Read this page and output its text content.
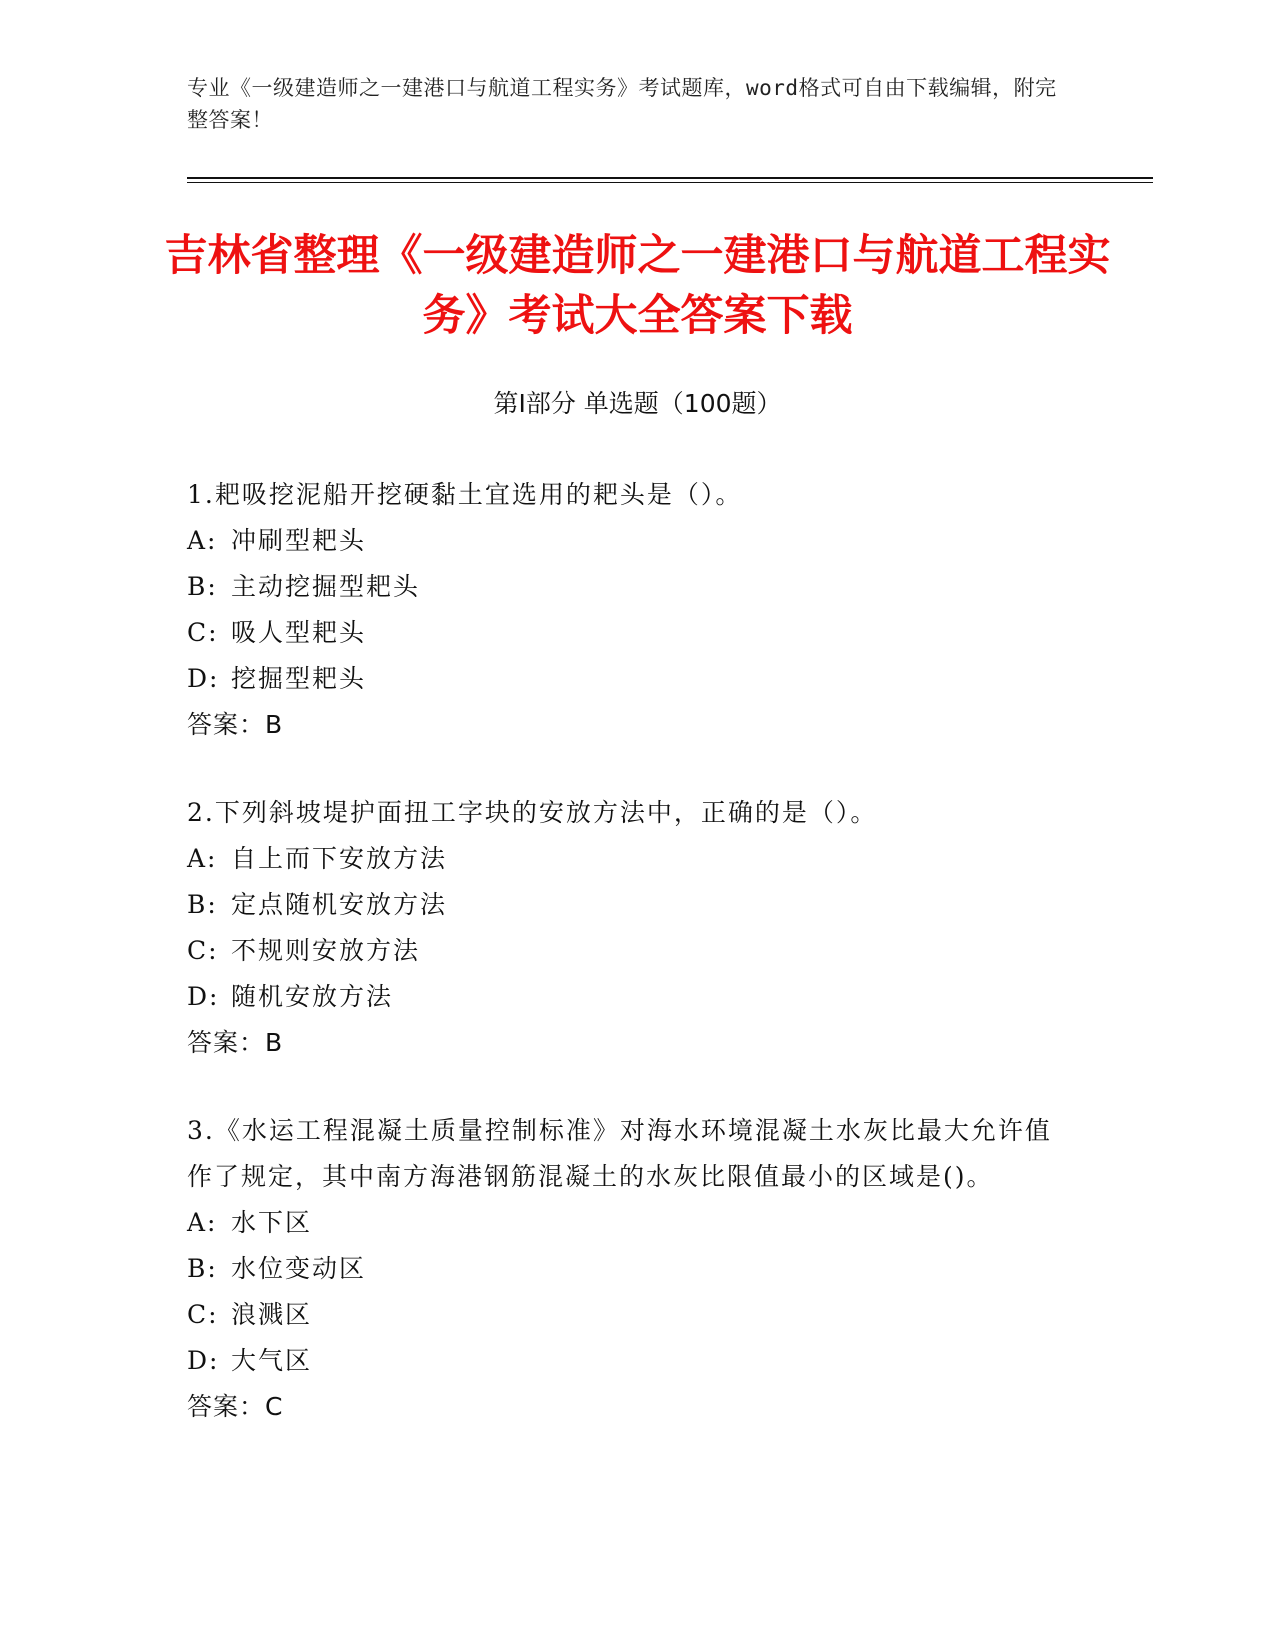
专业《一级建造师之一建港口与航道工程实务》考试题库，word格式可自由下载编辑，附完整答案！
吉林省整理《一级建造师之一建港口与航道工程实务》考试大全答案下载
第Ⅰ部分 单选题（100题）
1.耙吸挖泥船开挖硬黏土宜选用的耙头是（）。
A: 冲刷型耙头
B: 主动挖掘型耙头
C: 吸人型耙头
D: 挖掘型耙头
答案：B
2.下列斜坡堤护面扭工字块的安放方法中，正确的是（）。
A: 自上而下安放方法
B: 定点随机安放方法
C: 不规则安放方法
D: 随机安放方法
答案：B
3.《水运工程混凝土质量控制标准》对海水环境混凝土水灰比最大允许值作了规定，其中南方海港钢筋混凝土的水灰比限值最小的区域是()。
A: 水下区
B: 水位变动区
C: 浪溅区
D: 大气区
答案：C
